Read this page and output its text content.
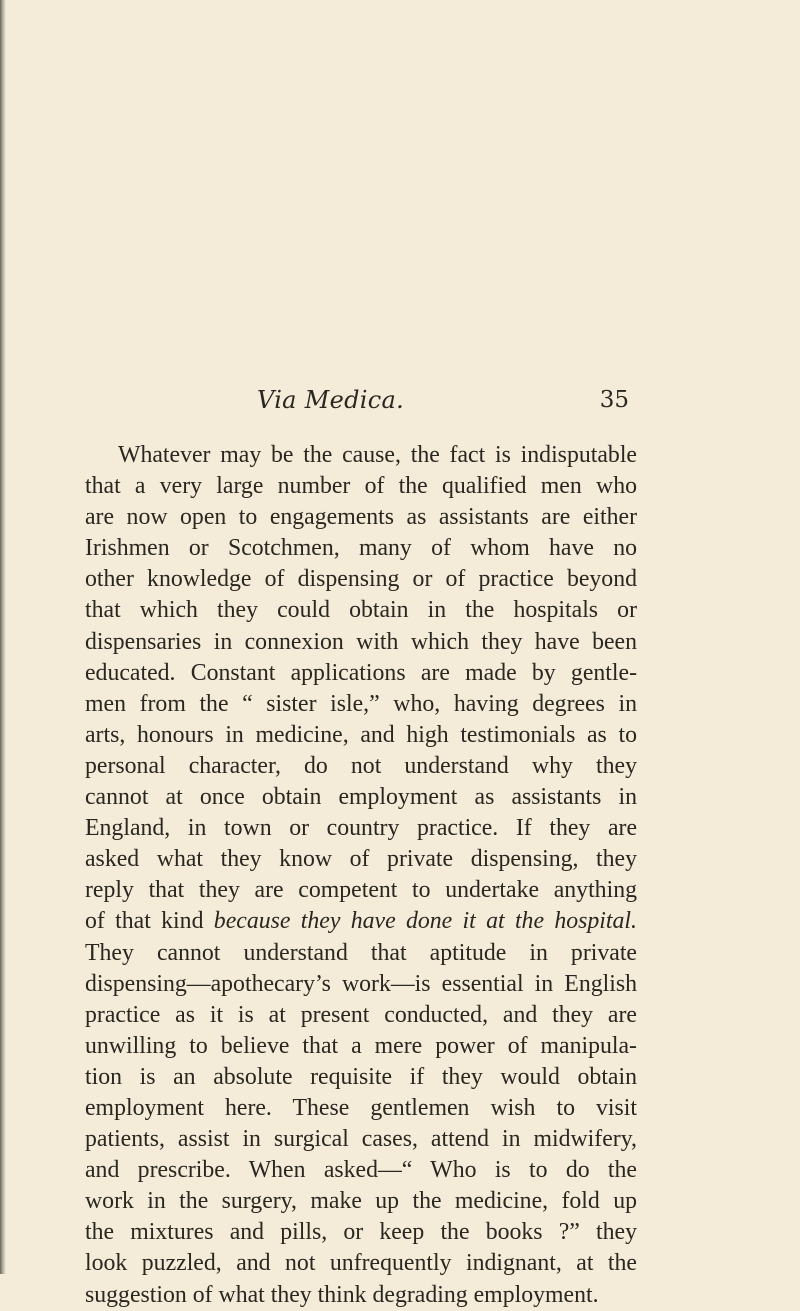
Via Medica.	35
Whatever may be the cause, the fact is indisputable
that a very large number of the qualified men who
are now open to engagements as assistants are either
Irishmen or Scotchmen, many of whom have no
other knowledge of dispensing or of practice beyond
that which they could obtain in the hospitals or
dispensaries in connexion with which they have been
educated. Constant applications are made by gentle-
men from the “ sister isle,” who, having degrees in
arts, honours in medicine, and high testimonials as to
personal character, do not understand why they
cannot at once obtain employment as assistants in
England, in town or country practice. If they are
asked what they know of private dispensing, they
reply that they are competent to undertake anything
of that kind because they have done it at the hospital.
They cannot understand that aptitude in private
dispensing—apothecary’s work—is essential in English
practice as it is at present conducted, and they are
unwilling to believe that a mere power of manipula-
tion is an absolute requisite if they would obtain
employment here. These gentlemen wish to visit
patients, assist in surgical cases, attend in midwifery,
and prescribe. When asked—“ Who is to do the
work in the surgery, make up the medicine, fold up
the mixtures and pills, or keep the books ?” they
look puzzled, and not unfrequently indignant, at the
suggestion of what they think degrading employment.
